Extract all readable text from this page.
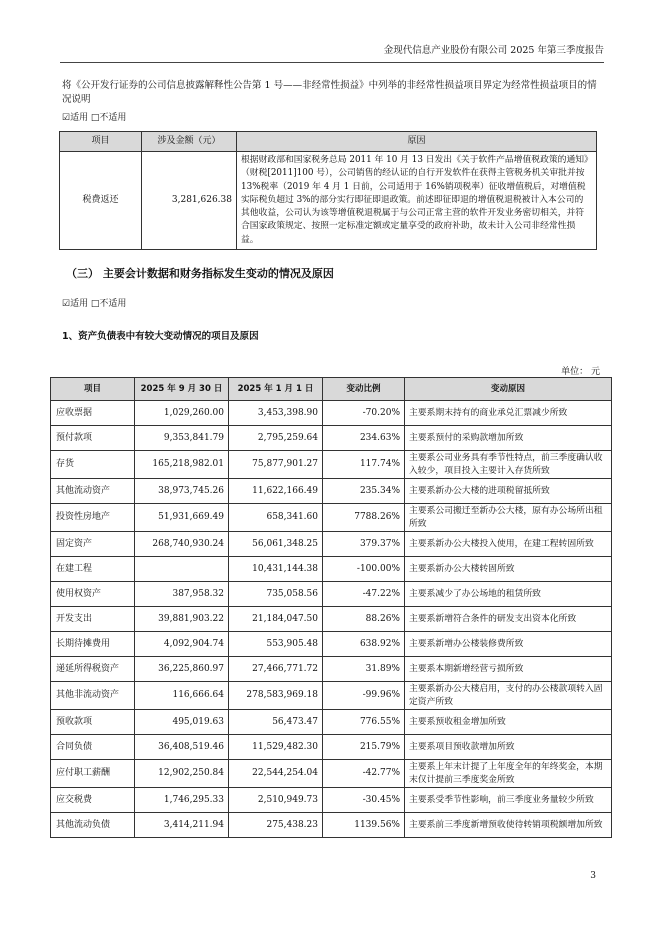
金现代信息产业股份有限公司 2025 年第三季度报告
将《公开发行证券的公司信息披露解释性公告第 1 号——非经常性损益》中列举的非经常性损益项目界定为经常性损益项目的情况说明
☑适用 □不适用
项目	涉及金额（元）	原因
税费返还	3,281,626.38	根据财政部和国家税务总局 2011 年 10 月 13 日发出《关于软件产品增值税政策的通知》（财税[2011]100 号），公司销售的经认证的自行开发软件在获得主管税务机关审批并按 13%税率（2019 年 4 月 1 日前，公司适用于 16%销项税率）征收增值税后，对增值税实际税负超过 3%的部分实行即征即退政策。前述即征即退的增值税退税被计入本公司的其他收益，公司认为该等增值税退税属于与公司正常主营的软件开发业务密切相关，并符合国家政策规定、按照一定标准定额或定量享受的政府补助，故未计入公司非经常性损益。
（三） 主要会计数据和财务指标发生变动的情况及原因
☑适用 □不适用
1、资产负债表中有较大变动情况的项目及原因
单位： 元
项目	2025 年 9 月 30 日	2025 年 1 月 1 日	变动比例	变动原因
应收票据	1,029,260.00	3,453,398.90	-70.20%	主要系期末持有的商业承兑汇票减少所致
预付款项	9,353,841.79	2,795,259.64	234.63%	主要系预付的采购款增加所致
存货	165,218,982.01	75,877,901.27	117.74%	主要系公司业务具有季节性特点，前三季度确认收入较少，项目投入主要计入存货所致
其他流动资产	38,973,745.26	11,622,166.49	235.34%	主要系新办公大楼的进项税留抵所致
投资性房地产	51,931,669.49	658,341.60	7788.26%	主要系公司搬迁至新办公大楼，原有办公场所出租所致
固定资产	268,740,930.24	56,061,348.25	379.37%	主要系新办公大楼投入使用，在建工程转固所致
在建工程		10,431,144.38	-100.00%	主要系新办公大楼转固所致
使用权资产	387,958.32	735,058.56	-47.22%	主要系减少了办公场地的租赁所致
开发支出	39,881,903.22	21,184,047.50	88.26%	主要系新增符合条件的研发支出资本化所致
长期待摊费用	4,092,904.74	553,905.48	638.92%	主要系新增办公楼装修费所致
递延所得税资产	36,225,860.97	27,466,771.72	31.89%	主要系本期新增经营亏损所致
其他非流动资产	116,666.64	278,583,969.18	-99.96%	主要系新办公大楼启用，支付的办公楼款项转入固定资产所致
预收款项	495,019.63	56,473.47	776.55%	主要系预收租金增加所致
合同负债	36,408,519.46	11,529,482.30	215.79%	主要系项目预收款增加所致
应付职工薪酬	12,902,250.84	22,544,254.04	-42.77%	主要系上年末计提了上年度全年的年终奖金，本期末仅计提前三季度奖金所致
应交税费	1,746,295.33	2,510,949.73	-30.45%	主要系受季节性影响，前三季度业务量较少所致
其他流动负债	3,414,211.94	275,438.23	1139.56%	主要系前三季度新增预收使待转销项税额增加所致
3
